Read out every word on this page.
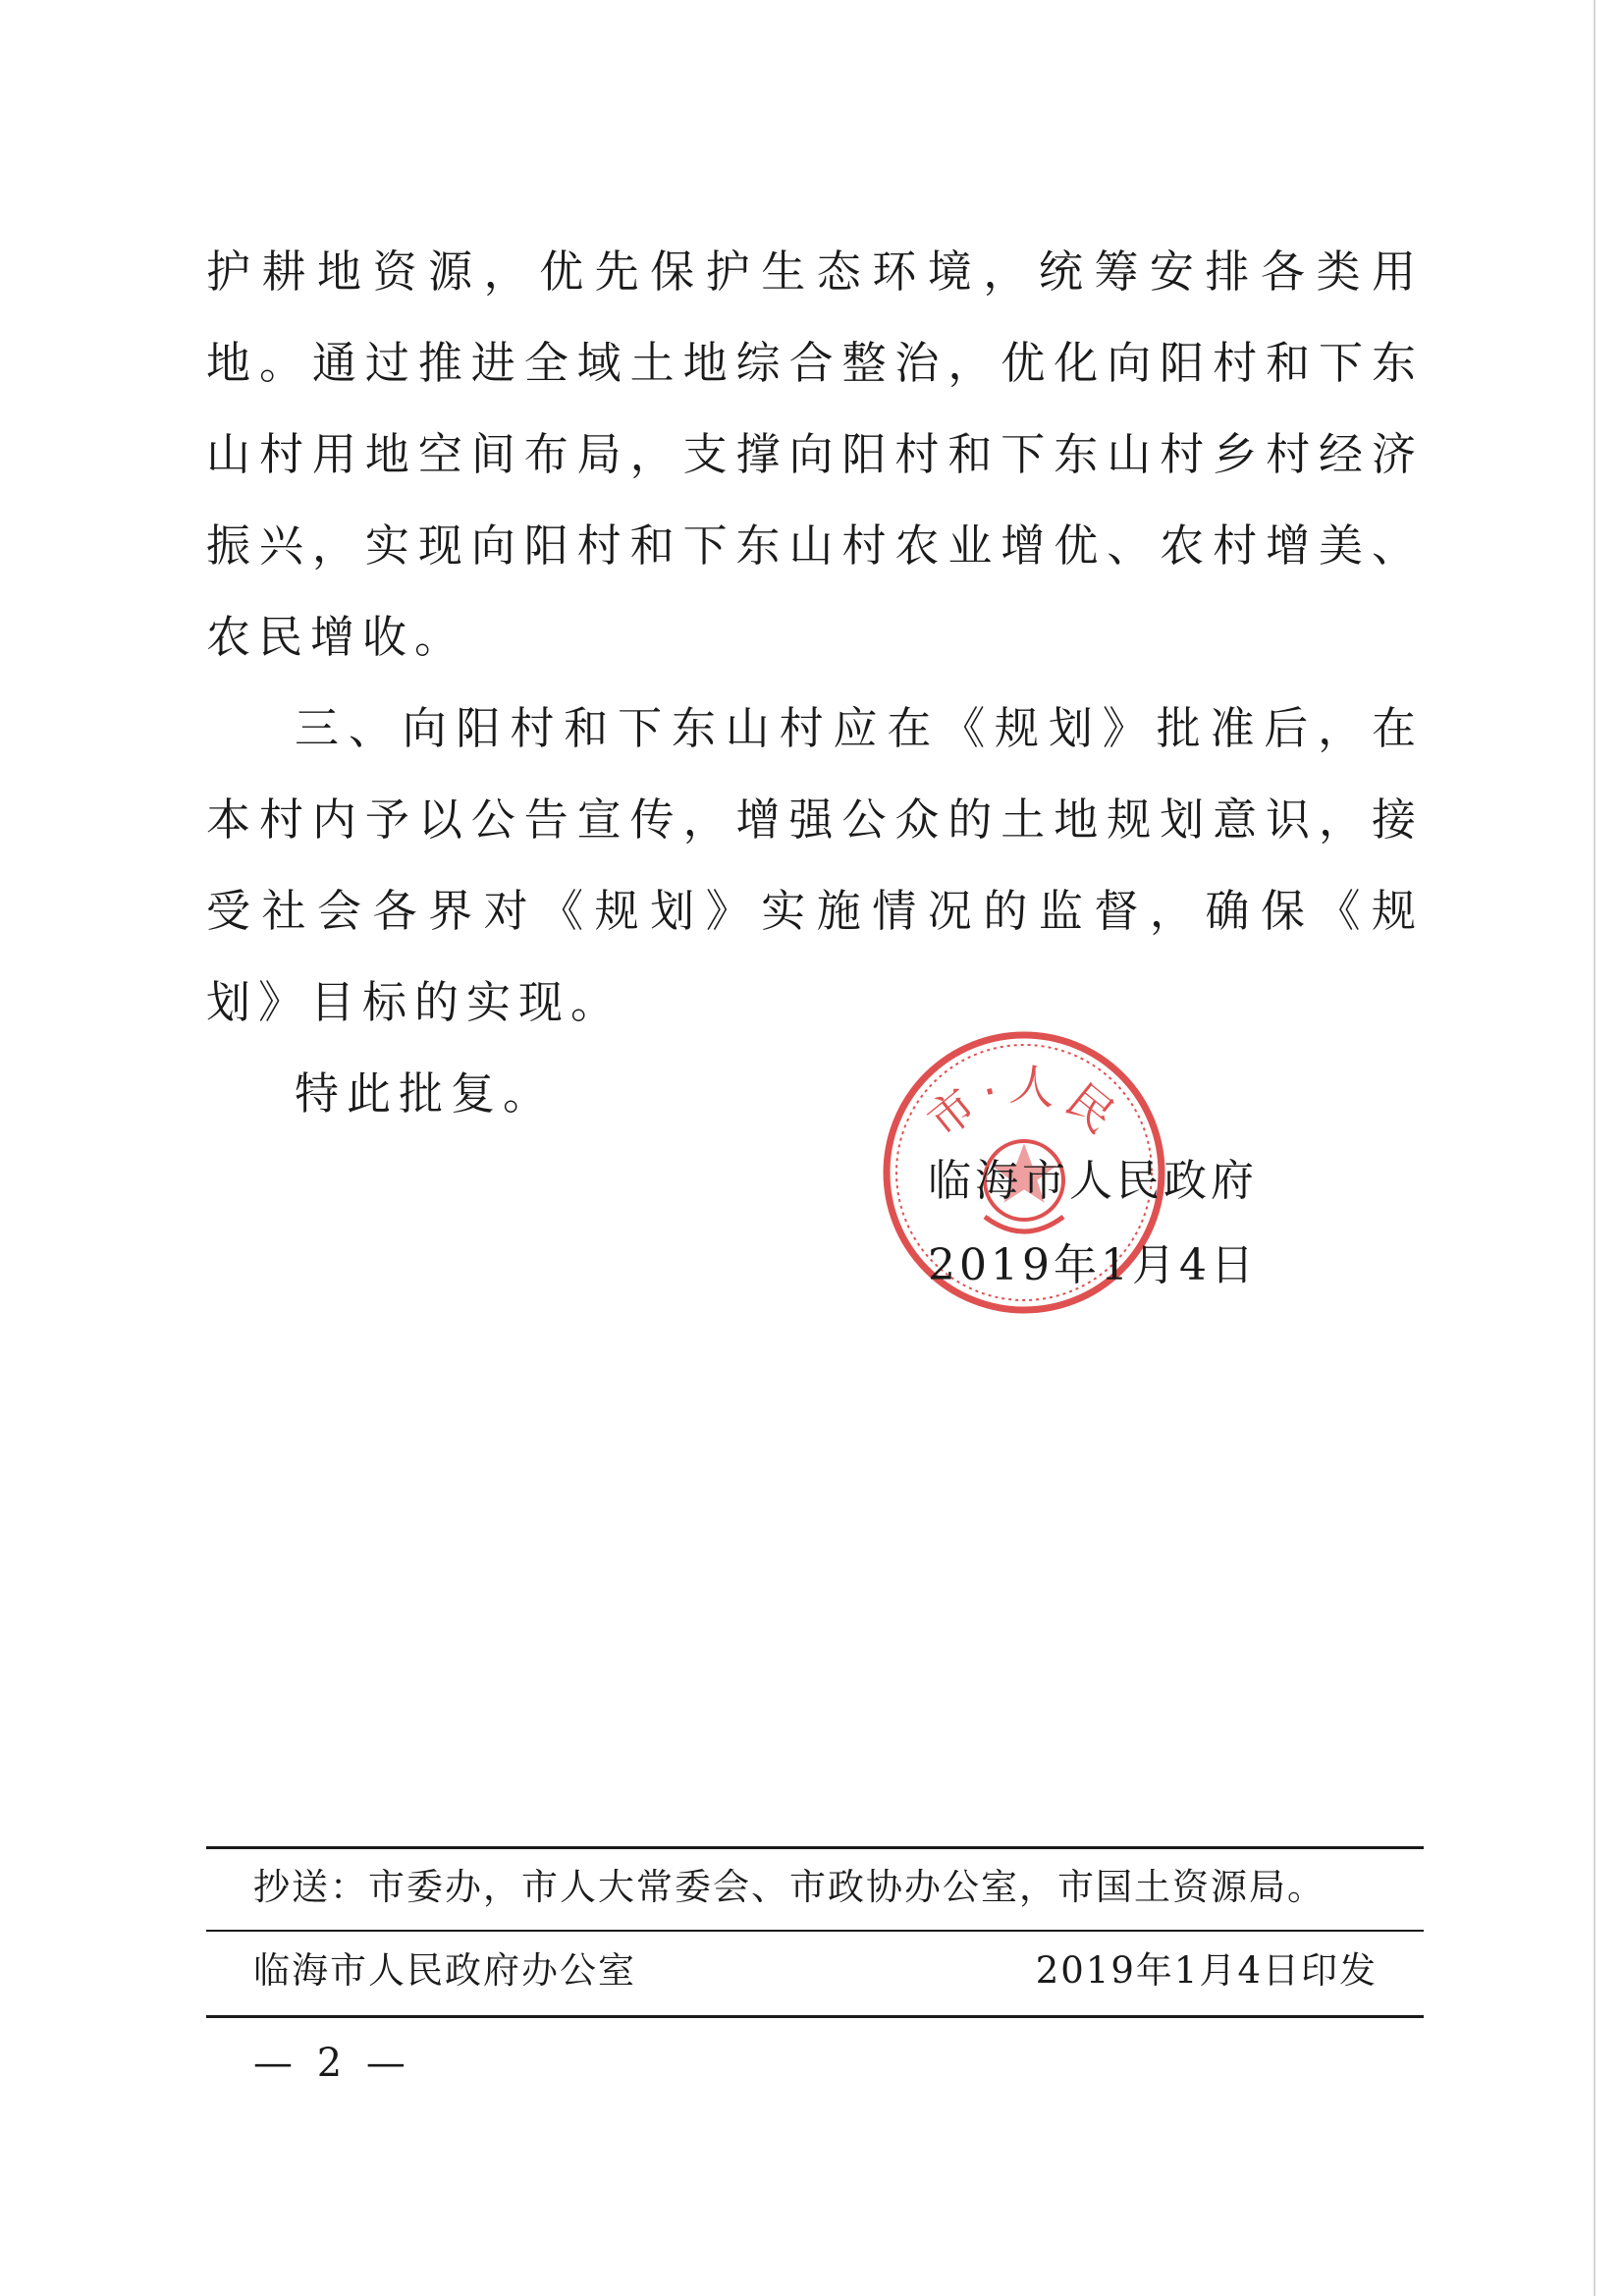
护耕地资源，优先保护生态环境，统筹安排各类用地。通过推进全域土地综合整治，优化向阳村和下东山村用地空间布局，支撑向阳村和下东山村乡村经济振兴，实现向阳村和下东山村农业增优、农村增美、农民增收。

三、向阳村和下东山村应在《规划》批准后，在本村内予以公告宣传，增强公众的土地规划意识，接受社会各界对《规划》实施情况的监督，确保《规划》目标的实现。

特此批复。	市·人民
临海市人民政府
2019年1月4日
抄送：市委办，市人大常委会、市政协办公室，市国土资源局。
临海市人民政府办公室	2019年1月4日印发
— 2 —
